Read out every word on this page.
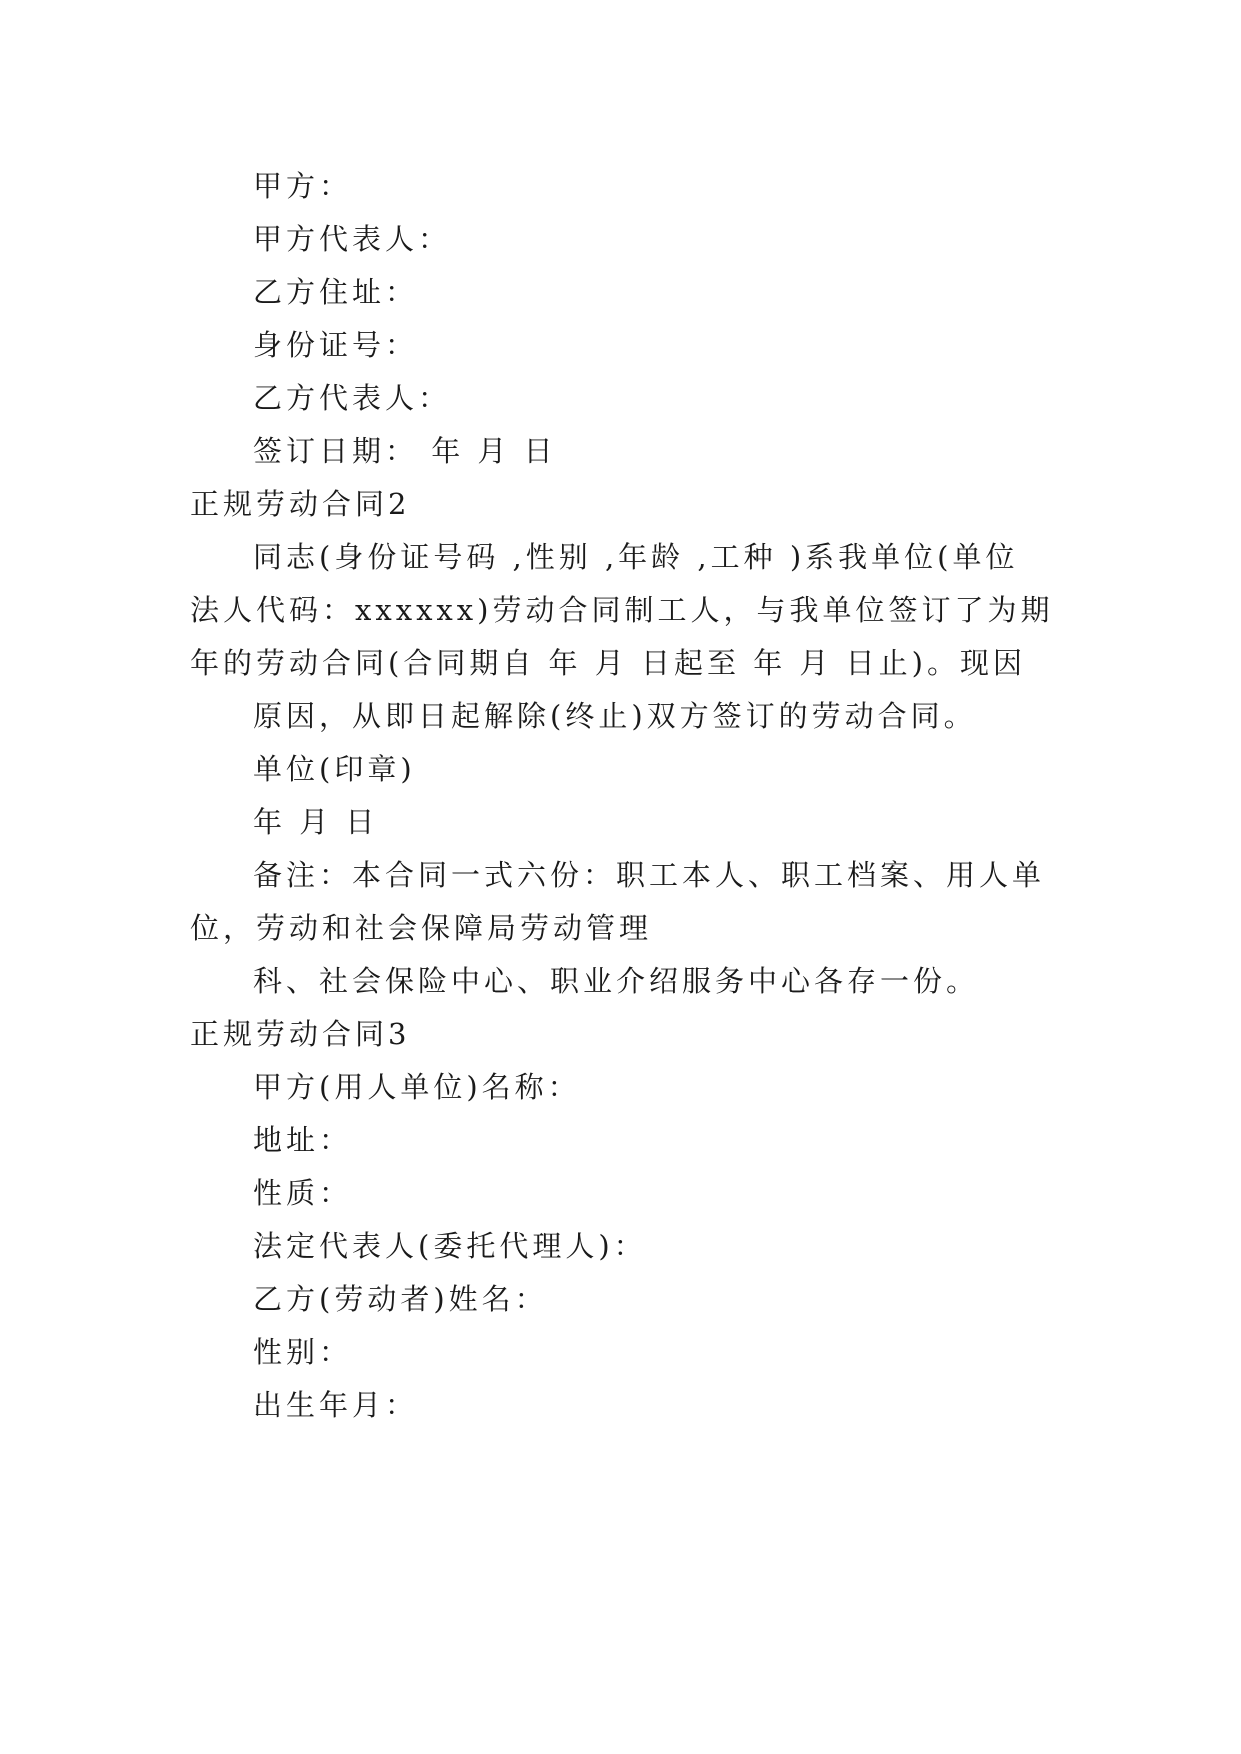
甲方：
甲方代表人：
乙方住址：
身份证号：
乙方代表人：
签订日期： 年 月 日
正规劳动合同2
同志(身份证号码 ,性别 ,年龄 ,工种 )系我单位(单位
法人代码：xxxxxx)劳动合同制工人，与我单位签订了为期
年的劳动合同(合同期自 年 月 日起至 年 月 日止)。现因
原因，从即日起解除(终止)双方签订的劳动合同。
单位(印章)
年 月 日
备注：本合同一式六份：职工本人、职工档案、用人单
位，劳动和社会保障局劳动管理
科、社会保险中心、职业介绍服务中心各存一份。
正规劳动合同3
甲方(用人单位)名称：
地址：
性质：
法定代表人(委托代理人)：
乙方(劳动者)姓名：
性别：
出生年月：
